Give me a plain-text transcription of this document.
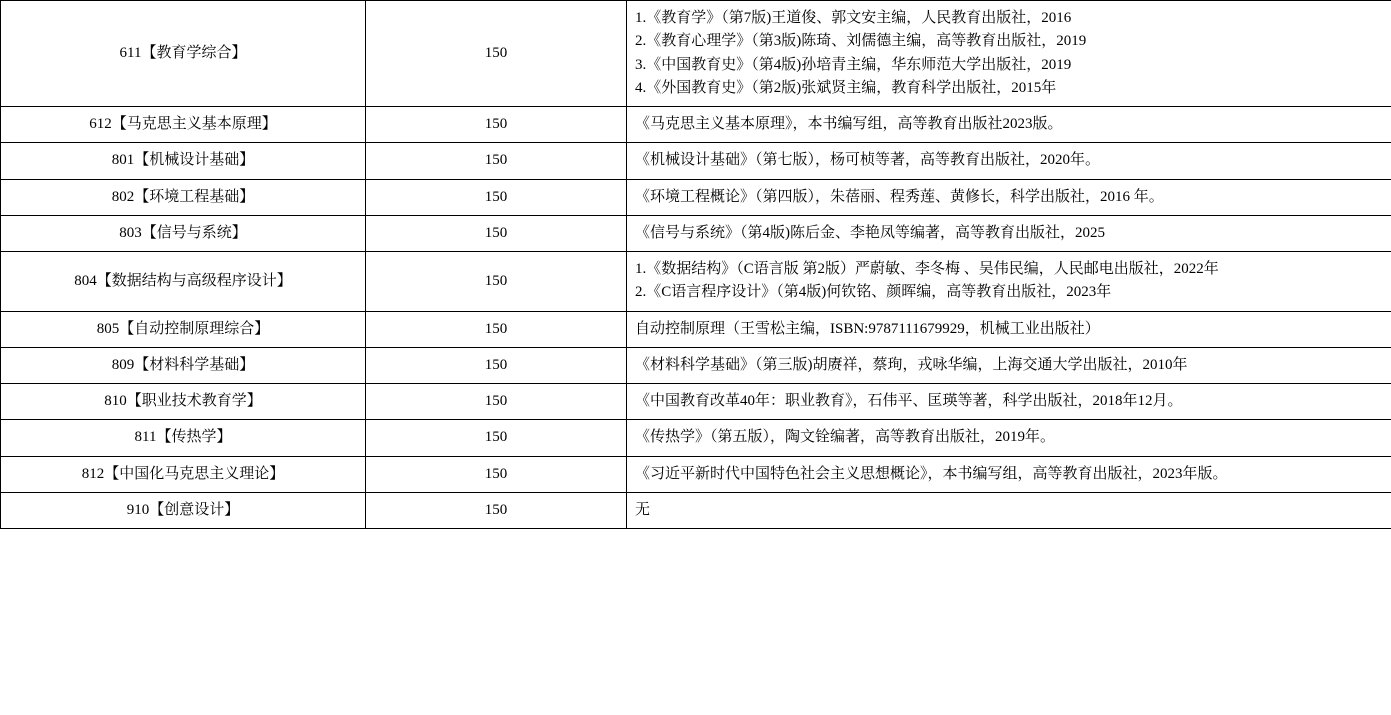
611【教育学综合】	150	1.《教育学》（第7版)王道俊、郭文安主编，人民教育出版社，2016
2.《教育心理学》（第3版)陈琦、刘儒德主编，高等教育出版社，2019
3.《中国教育史》（第4版)孙培青主编，华东师范大学出版社，2019
4.《外国教育史》（第2版)张斌贤主编，教育科学出版社，2015年

612【马克思主义基本原理】	150	《马克思主义基本原理》，本书编写组，高等教育出版社2023版。

801【机械设计基础】	150	《机械设计基础》（第七版），杨可桢等著，高等教育出版社，2020年。

802【环境工程基础】	150	《环境工程概论》（第四版），朱蓓丽、程秀莲、黄修长，科学出版社，2016 年。

803【信号与系统】	150	《信号与系统》（第4版)陈后金、李艳凤等编著，高等教育出版社，2025

804【数据结构与高级程序设计】	150	1.《数据结构》（C语言版 第2版）严蔚敏、李冬梅 、吴伟民编，人民邮电出版社，2022年
2.《C语言程序设计》（第4版)何钦铭、颜晖编，高等教育出版社，2023年

805【自动控制原理综合】	150	自动控制原理（王雪松主编，ISBN:9787111679929，机械工业出版社）

809【材料科学基础】	150	《材料科学基础》（第三版)胡赓祥，蔡珣，戎咏华编，上海交通大学出版社，2010年

810【职业技术教育学】	150	《中国教育改革40年：职业教育》，石伟平、匡瑛等著，科学出版社，2018年12月。

811【传热学】	150	《传热学》（第五版），陶文铨编著，高等教育出版社，2019年。

812【中国化马克思主义理论】	150	《习近平新时代中国特色社会主义思想概论》，本书编写组，高等教育出版社，2023年版。

910【创意设计】	150	无
